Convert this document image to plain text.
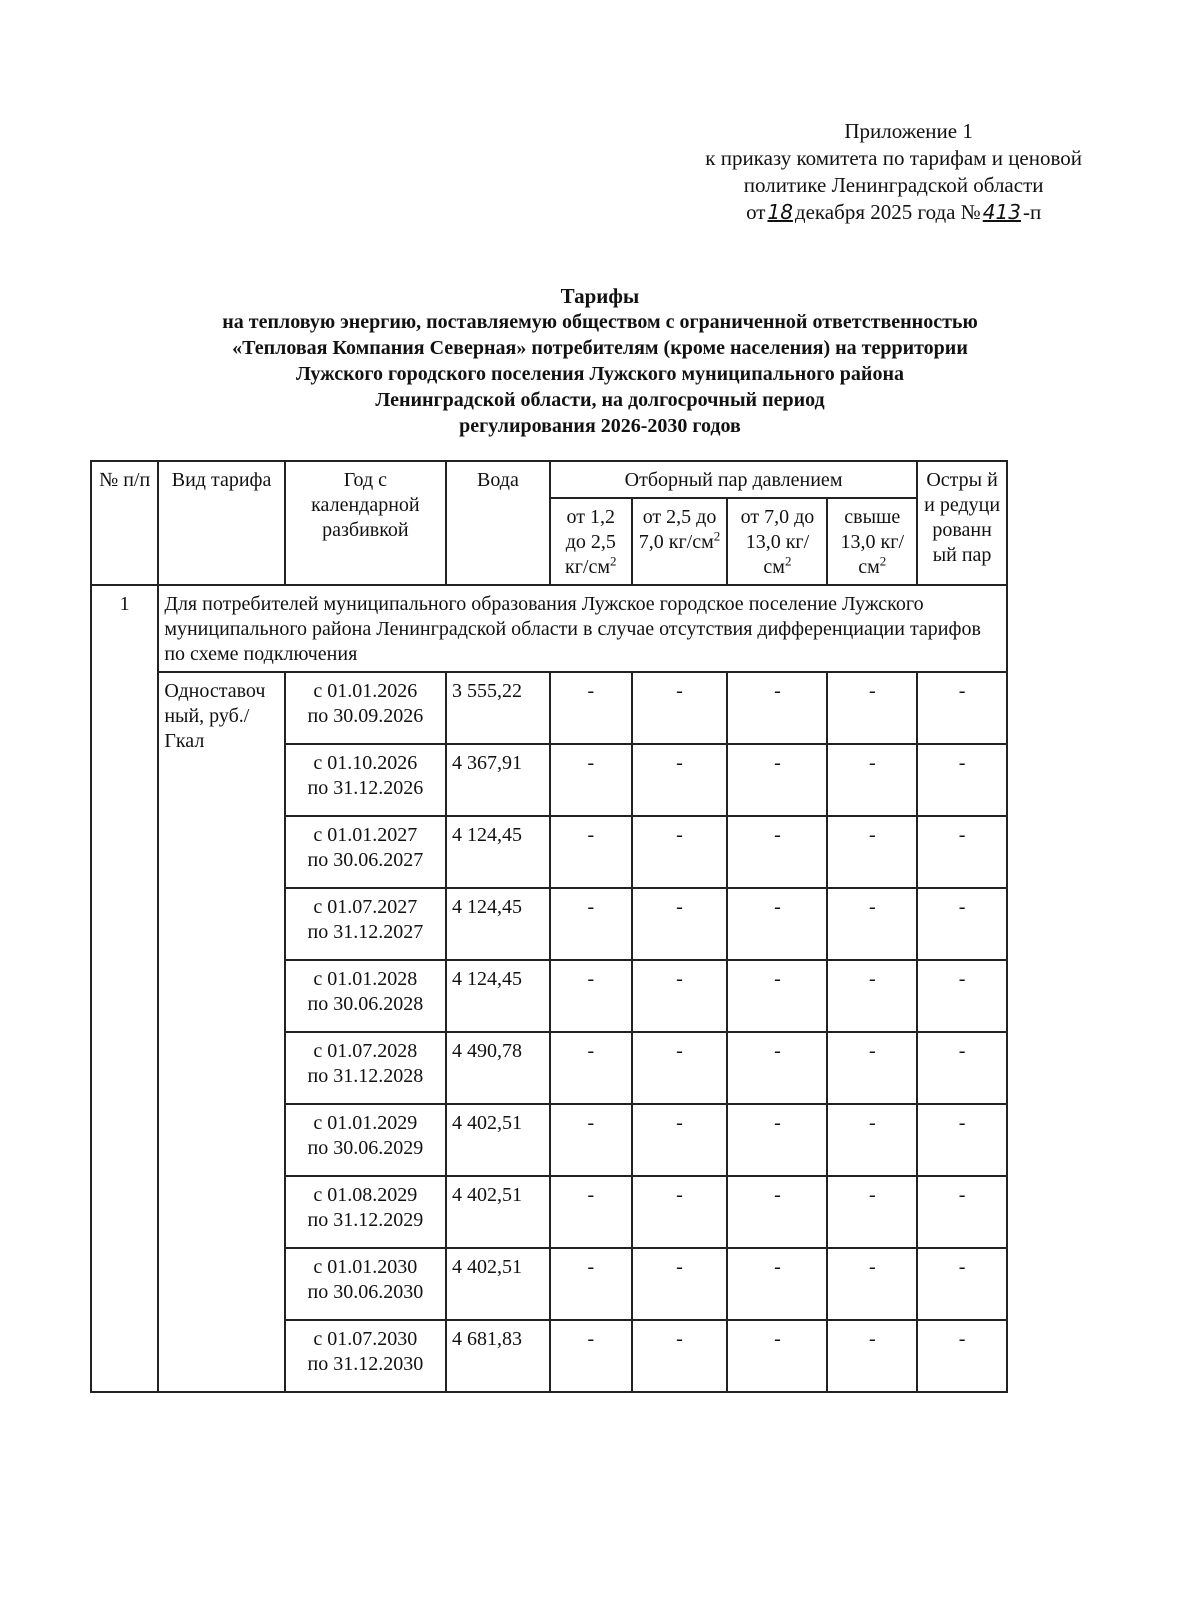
Приложение 1
к приказу комитета по тарифам и ценовой
политике Ленинградской области
от 18декабря 2025 года № 413-п
Тарифы
на тепловую энергию, поставляемую обществом с ограниченной ответственностью
«Тепловая Компания Северная» потребителям (кроме населения) на территории
Лужского городского поселения Лужского муниципального района
Ленинградской области, на долгосрочный период
регулирования 2026-2030 годов
№ п/п	Вид тарифа	Год с календарной разбивкой	Вода	Отборный пар давлением				Остры й и редуци рованн ый пар
				от 1,2 до 2,5 $кг/см^2$	от 2,5 до 7,0 $кг/см^2$	от 7,0 до 13,0 $кг/см^2$	свыше 13,0 $кг/см^2$
1	Для потребителей муниципального образования Лужское городское поселение Лужского муниципального района Ленинградской области в случае отсутствия дифференциации тарифов по схеме подключения							
	Одноставоч ный, руб./Гкал	с 01.01.2026
по 30.09.2026	3 555,22	-	-	-	-	-

		с 01.10.2026
по 31.12.2026	4 367,91	-	-	-	-	-

		с 01.01.2027
по 30.06.2027	4 124,45	-	-	-	-	-

		с 01.07.2027
по 31.12.2027	4 124,45	-	-	-	-	-

		с 01.01.2028
по 30.06.2028	4 124,45	-	-	-	-	-

		с 01.07.2028
по 31.12.2028	4 490,78	-	-	-	-	-

		с 01.01.2029
по 30.06.2029	4 402,51	-	-	-	-	-

		с 01.08.2029
по 31.12.2029	4 402,51	-	-	-	-	-

		с 01.01.2030
по 30.06.2030	4 402,51	-	-	-	-	-

		с 01.07.2030
по 31.12.2030	4 681,83	-	-	-	-	-
